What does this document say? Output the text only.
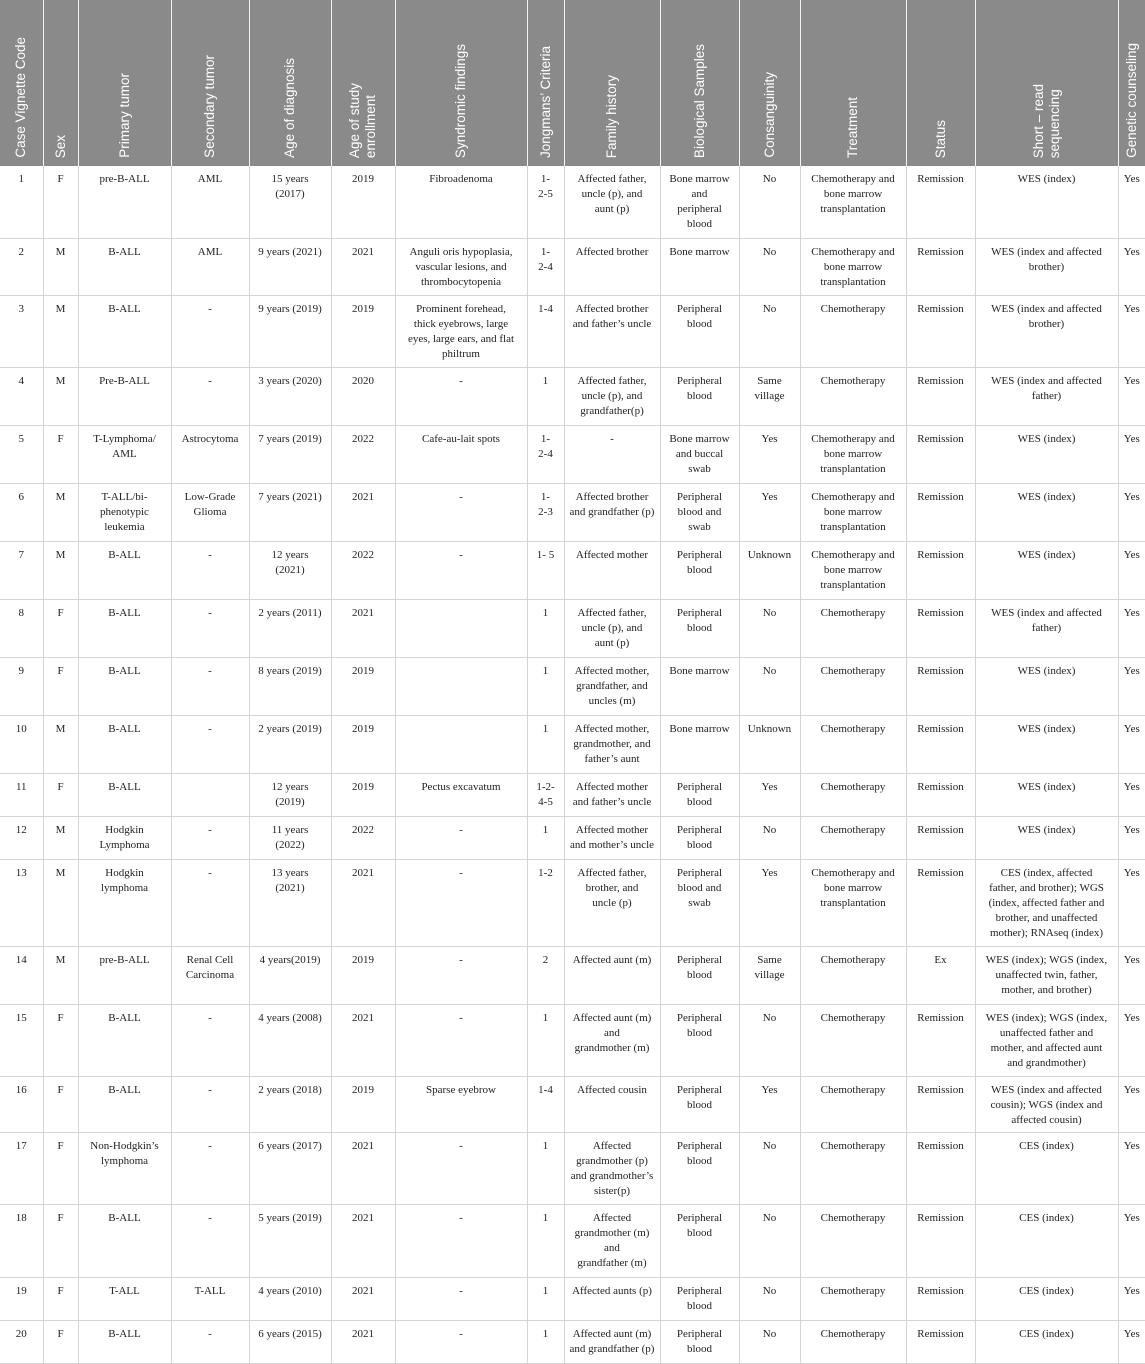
Case Vignette Code	Sex	Primary tumor	Secondary tumor	Age of diagnosis	Age of study
enrollment	Syndromic findings	Jongmans’ Criteria	Family history	Biological Samples	Consanguinity	Treatment	Status	Short – read
sequencing	Genetic counseling

1	F	pre-B-ALL	AML	15 years
(2017)	2019	Fibroadenoma	1-
2-5	Affected father,
uncle (p), and
aunt (p)	Bone marrow
and
peripheral
blood	No	Chemotherapy and
bone marrow
transplantation	Remission	WES (index)	Yes
2	M	B-ALL	AML	9 years (2021)	2021	Anguli oris hypoplasia,
vascular lesions, and
thrombocytopenia	1-
2-4	Affected brother	Bone marrow	No	Chemotherapy and
bone marrow
transplantation	Remission	WES (index and affected
brother)	Yes
3	M	B-ALL	-	9 years (2019)	2019	Prominent forehead,
thick eyebrows, large
eyes, large ears, and flat
philtrum	1-4	Affected brother
and father’s uncle	Peripheral
blood	No	Chemotherapy	Remission	WES (index and affected
brother)	Yes
4	M	Pre-B-ALL	-	3 years (2020)	2020	-	1	Affected father,
uncle (p), and
grandfather(p)	Peripheral
blood	Same
village	Chemotherapy	Remission	WES (index and affected
father)	Yes
5	F	T-Lymphoma/
AML	Astrocytoma	7 years (2019)	2022	Cafe-au-lait spots	1-
2-4	-	Bone marrow
and buccal
swab	Yes	Chemotherapy and
bone marrow
transplantation	Remission	WES (index)	Yes
6	M	T-ALL/bi-
phenotypic
leukemia	Low-Grade
Glioma	7 years (2021)	2021	-	1-
2-3	Affected brother
and grandfather (p)	Peripheral
blood and
swab	Yes	Chemotherapy and
bone marrow
transplantation	Remission	WES (index)	Yes
7	M	B-ALL	-	12 years
(2021)	2022	-	1- 5	Affected mother	Peripheral
blood	Unknown	Chemotherapy and
bone marrow
transplantation	Remission	WES (index)	Yes
8	F	B-ALL	-	2 years (2011)	2021		1	Affected father,
uncle (p), and
aunt (p)	Peripheral
blood	No	Chemotherapy	Remission	WES (index and affected
father)	Yes
9	F	B-ALL	-	8 years (2019)	2019		1	Affected mother,
grandfather, and
uncles (m)	Bone marrow	No	Chemotherapy	Remission	WES (index)	Yes
10	M	B-ALL	-	2 years (2019)	2019		1	Affected mother,
grandmother, and
father’s aunt	Bone marrow	Unknown	Chemotherapy	Remission	WES (index)	Yes
11	F	B-ALL		12 years
(2019)	2019	Pectus excavatum	1-2-
4-5	Affected mother
and father’s uncle	Peripheral
blood	Yes	Chemotherapy	Remission	WES (index)	Yes
12	M	Hodgkin
Lymphoma	-	11 years
(2022)	2022	-	1	Affected mother
and mother’s uncle	Peripheral
blood	No	Chemotherapy	Remission	WES (index)	Yes
13	M	Hodgkin
lymphoma	-	13 years
(2021)	2021	-	1-2	Affected father,
brother, and
uncle (p)	Peripheral
blood and
swab	Yes	Chemotherapy and
bone marrow
transplantation	Remission	CES (index, affected
father, and brother); WGS
(index, affected father and
brother, and unaffected
mother); RNAseq (index)	Yes
14	M	pre-B-ALL	Renal Cell
Carcinoma	4 years(2019)	2019	-	2	Affected aunt (m)	Peripheral
blood	Same
village	Chemotherapy	Ex	WES (index); WGS (index,
unaffected twin, father,
mother, and brother)	Yes
15	F	B-ALL	-	4 years (2008)	2021	-	1	Affected aunt (m)
and
grandmother (m)	Peripheral
blood	No	Chemotherapy	Remission	WES (index); WGS (index,
unaffected father and
mother, and affected aunt
and grandmother)	Yes
16	F	B-ALL	-	2 years (2018)	2019	Sparse eyebrow	1-4	Affected cousin	Peripheral
blood	Yes	Chemotherapy	Remission	WES (index and affected
cousin); WGS (index and
affected cousin)	Yes
17	F	Non-Hodgkin’s
lymphoma	-	6 years (2017)	2021	-	1	Affected
grandmother (p)
and grandmother’s
sister(p)	Peripheral
blood	No	Chemotherapy	Remission	CES (index)	Yes
18	F	B-ALL	-	5 years (2019)	2021	-	1	Affected
grandmother (m)
and
grandfather (m)	Peripheral
blood	No	Chemotherapy	Remission	CES (index)	Yes
19	F	T-ALL	T-ALL	4 years (2010)	2021	-	1	Affected aunts (p)	Peripheral
blood	No	Chemotherapy	Remission	CES (index)	Yes
20	F	B-ALL	-	6 years (2015)	2021	-	1	Affected aunt (m)
and grandfather (p)	Peripheral
blood	No	Chemotherapy	Remission	CES (index)	Yes
